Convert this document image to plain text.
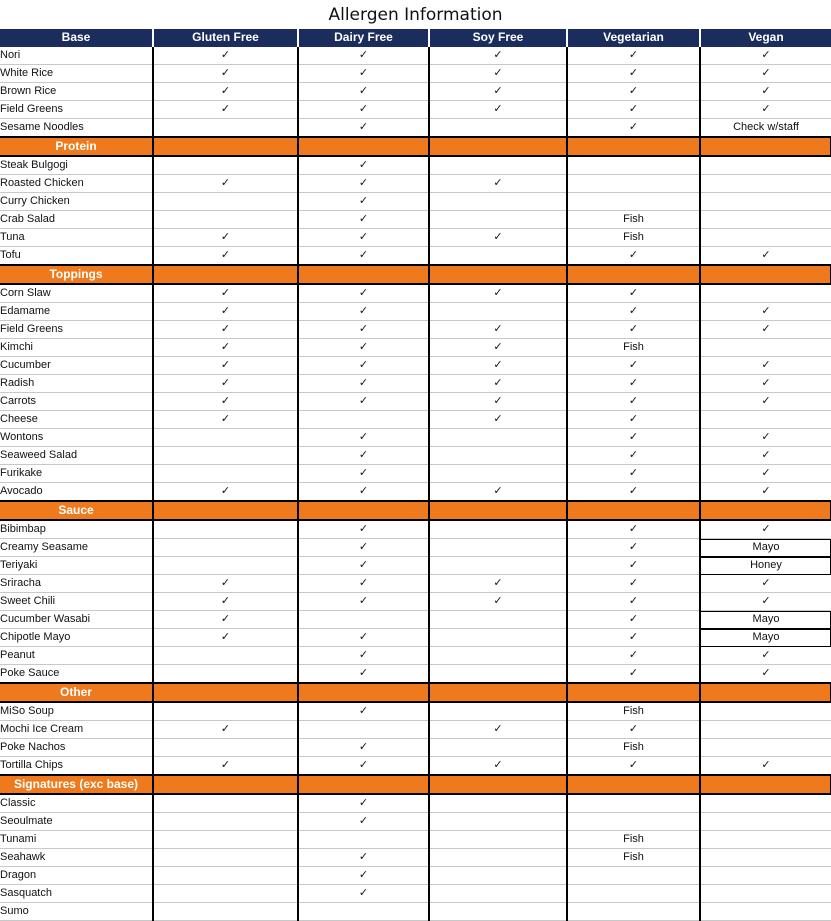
Allergen Information
Base	Gluten Free	Dairy Free	Soy Free	Vegetarian	Vegan
Nori	✓	✓	✓	✓	✓
White Rice	✓	✓	✓	✓	✓
Brown Rice	✓	✓	✓	✓	✓
Field Greens	✓	✓	✓	✓	✓
Sesame Noodles		✓		✓	Check w/staff
Protein					
Steak Bulgogi		✓			
Roasted Chicken	✓	✓	✓		
Curry Chicken		✓			
Crab Salad		✓		Fish	
Tuna	✓	✓	✓	Fish	
Tofu	✓	✓		✓	✓
Toppings					
Corn Slaw	✓	✓	✓	✓	
Edamame	✓	✓		✓	✓
Field Greens	✓	✓	✓	✓	✓
Kimchi	✓	✓	✓	Fish	
Cucumber	✓	✓	✓	✓	✓
Radish	✓	✓	✓	✓	✓
Carrots	✓	✓	✓	✓	✓
Cheese	✓		✓	✓	
Wontons		✓		✓	✓
Seaweed Salad		✓		✓	✓
Furikake		✓		✓	✓
Avocado	✓	✓	✓	✓	✓
Sauce					
Bibimbap		✓		✓	✓
Creamy Seasame		✓		✓	Mayo
Teriyaki		✓		✓	Honey
Sriracha	✓	✓	✓	✓	✓
Sweet Chili	✓	✓	✓	✓	✓
Cucumber Wasabi	✓			✓	Mayo
Chipotle Mayo	✓	✓		✓	Mayo
Peanut		✓		✓	✓
Poke Sauce		✓		✓	✓
Other					
MiSo Soup		✓		Fish	
Mochi Ice Cream	✓		✓	✓	
Poke Nachos		✓		Fish	
Tortilla Chips	✓	✓	✓	✓	✓
Signatures (exc base)					
Classic		✓			
Seoulmate		✓			
Tunami				Fish	
Seahawk		✓		Fish	
Dragon		✓			
Sasquatch		✓			
Sumo					
